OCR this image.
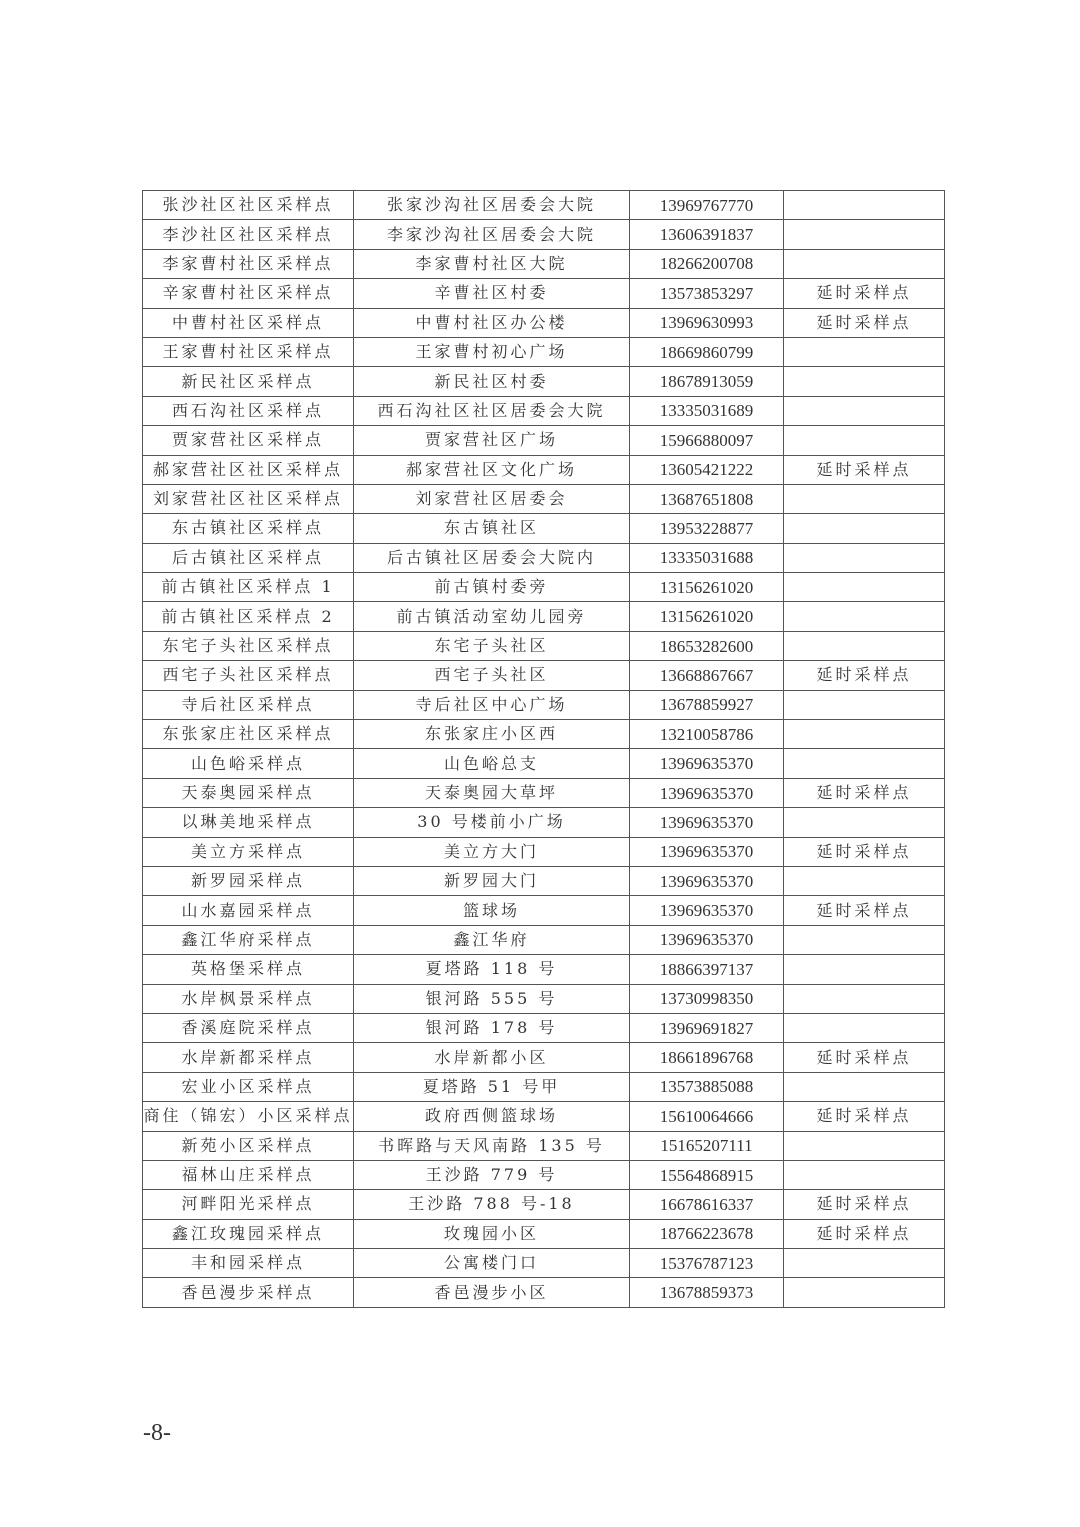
张沙社区社区采样点	张家沙沟社区居委会大院	13969767770	
李沙社区社区采样点	李家沙沟社区居委会大院	13606391837	
李家曹村社区采样点	李家曹村社区大院	18266200708	
辛家曹村社区采样点	辛曹社区村委	13573853297	延时采样点
中曹村社区采样点	中曹村社区办公楼	13969630993	延时采样点
王家曹村社区采样点	王家曹村初心广场	18669860799	
新民社区采样点	新民社区村委	18678913059	
西石沟社区采样点	西石沟社区社区居委会大院	13335031689	
贾家营社区采样点	贾家营社区广场	15966880097	
郝家营社区社区采样点	郝家营社区文化广场	13605421222	延时采样点
刘家营社区社区采样点	刘家营社区居委会	13687651808	
东古镇社区采样点	东古镇社区	13953228877	
后古镇社区采样点	后古镇社区居委会大院内	13335031688	
前古镇社区采样点 1	前古镇村委旁	13156261020	
前古镇社区采样点 2	前古镇活动室幼儿园旁	13156261020	
东宅子头社区采样点	东宅子头社区	18653282600	
西宅子头社区采样点	西宅子头社区	13668867667	延时采样点
寺后社区采样点	寺后社区中心广场	13678859927	
东张家庄社区采样点	东张家庄小区西	13210058786	
山色峪采样点	山色峪总支	13969635370	
天泰奥园采样点	天泰奥园大草坪	13969635370	延时采样点
以琳美地采样点	30 号楼前小广场	13969635370	
美立方采样点	美立方大门	13969635370	延时采样点
新罗园采样点	新罗园大门	13969635370	
山水嘉园采样点	篮球场	13969635370	延时采样点
鑫江华府采样点	鑫江华府	13969635370	
英格堡采样点	夏塔路 118 号	18866397137	
水岸枫景采样点	银河路 555 号	13730998350	
香溪庭院采样点	银河路 178 号	13969691827	
水岸新都采样点	水岸新都小区	18661896768	延时采样点
宏业小区采样点	夏塔路 51 号甲	13573885088	
商住（锦宏）小区采样点	政府西侧篮球场	15610064666	延时采样点
新苑小区采样点	书晖路与天风南路 135 号	15165207111	
福林山庄采样点	王沙路 779 号	15564868915	
河畔阳光采样点	王沙路 788 号-18	16678616337	延时采样点
鑫江玫瑰园采样点	玫瑰园小区	18766223678	延时采样点
丰和园采样点	公寓楼门口	15376787123	
香邑漫步采样点	香邑漫步小区	13678859373	
-8-
